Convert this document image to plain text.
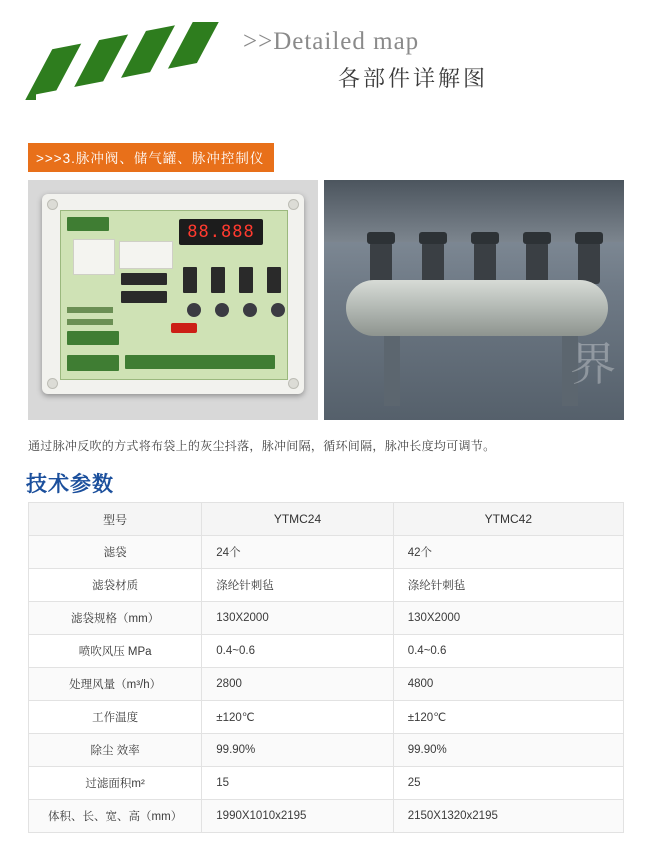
>>Detailed map
各部件详解图
>>>3.脉冲阀、储气罐、脉冲控制仪
88.888
界
通过脉冲反吹的方式将布袋上的灰尘抖落，脉冲间隔，循环间隔，脉冲长度均可调节。
技术参数
型号	YTMC24	YTMC42
滤袋	24个	42个
滤袋材质	涤纶针刺毡	涤纶针刺毡
滤袋规格（mm）	130X2000	130X2000
喷吹风压 MPa	0.4~0.6	0.4~0.6
处理风量（m³/h）	2800	4800
工作温度	±120℃	±120℃
除尘 效率	99.90%	99.90%
过滤面积m²	15	25
体积、长、宽、高（mm）	1990X1010x2195	2150X1320x2195
